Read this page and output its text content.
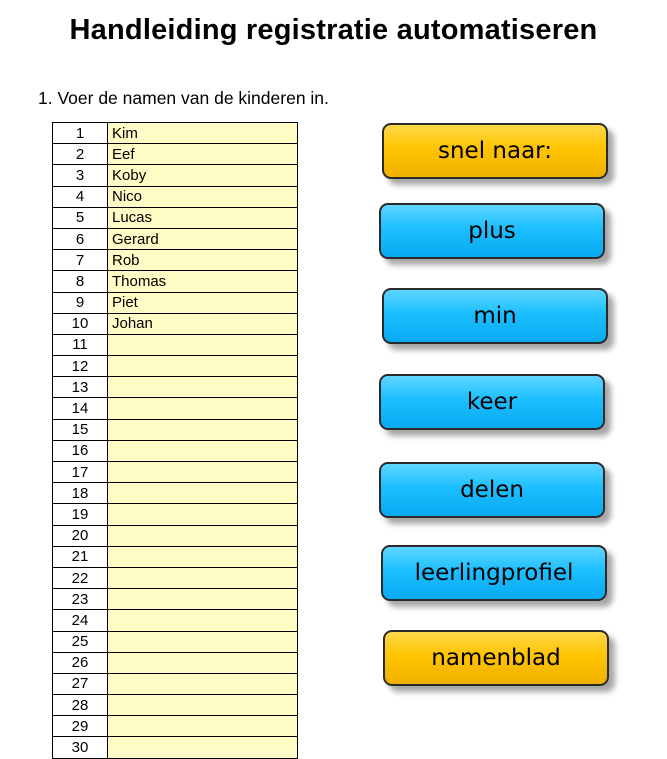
Handleiding registratie automatiseren
1. Voer de namen van de kinderen in.
1	Kim
2	Eef
3	Koby
4	Nico
5	Lucas
6	Gerard
7	Rob
8	Thomas
9	Piet
10	Johan
11	
12	
13	
14	
15	
16	
17	
18	
19	
20	
21	
22	
23	
24	
25	
26	
27	
28	
29	
30	
snel naar:
plus
min
keer
delen
leerlingprofiel
namenblad
